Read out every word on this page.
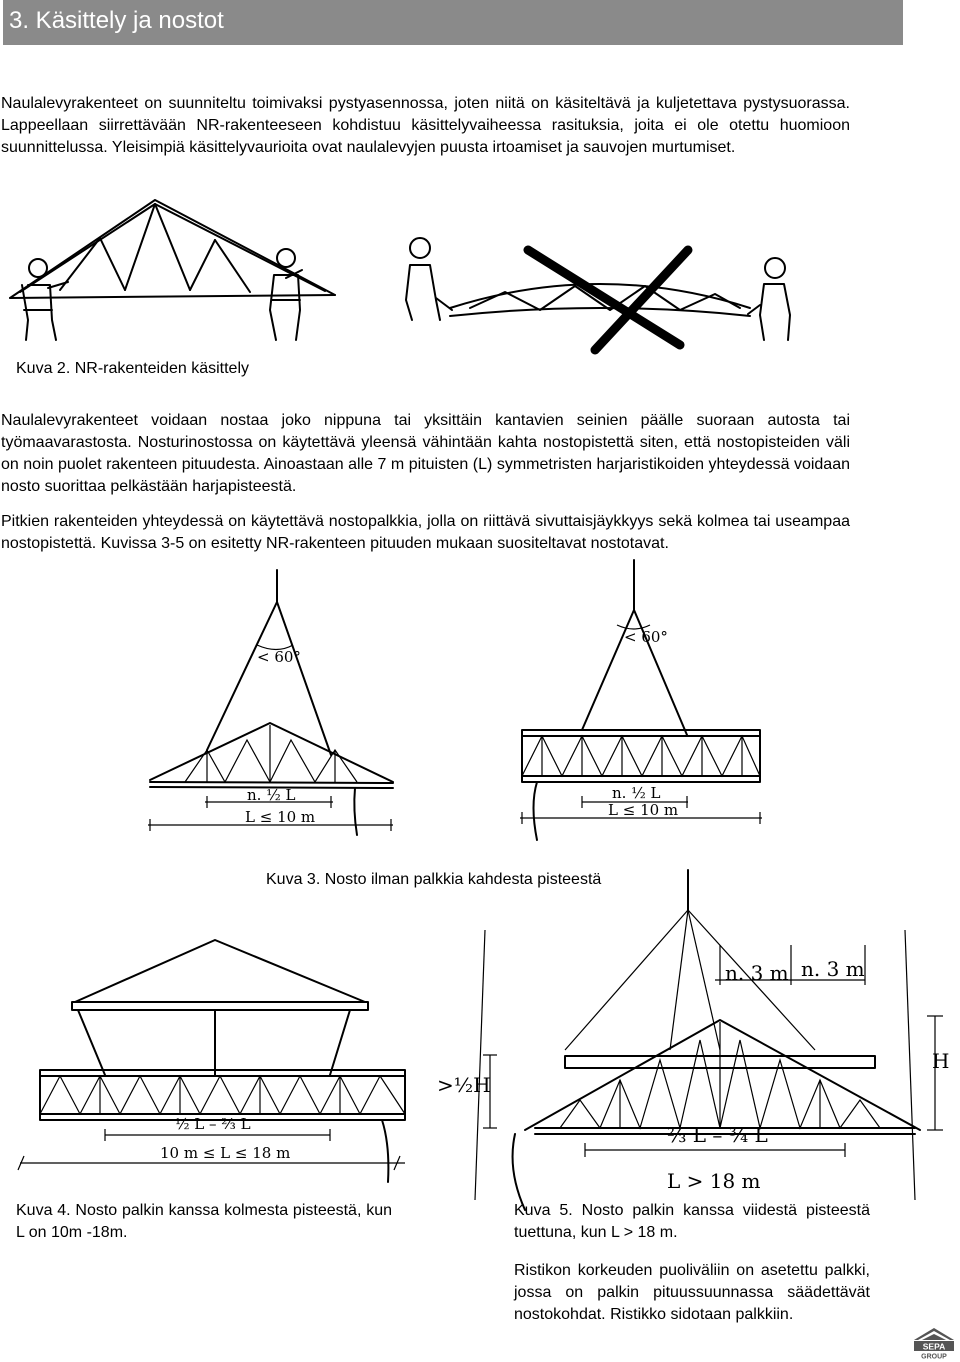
3. Käsittely ja nostot

Naulalevyrakenteet on suunniteltu toimivaksi pystyasennossa, joten niitä on käsiteltävä ja kuljetettava pystysuorassa. Lappeellaan siirrettävään NR-rakenteeseen kohdistuu käsittelyvaiheessa rasituksia, joita ei ole otettu huomioon suunnittelussa. Yleisimpiä käsittelyvaurioita ovat naulalevyjen puusta irtoamiset ja sauvojen murtumiset.

Kuva 2. NR-rakenteiden käsittely

Naulalevyrakenteet voidaan nostaa joko nippuna tai yksittäin kantavien seinien päälle suoraan autosta tai työmaavarastosta. Nosturinostossa on käytettävä yleensä vähintään kahta nostopistettä siten, että nostopisteiden väli on noin puolet rakenteen pituudesta. Ainoastaan alle 7 m pituisten (L) symmetristen harjaristikoiden yhteydessä voidaan nosto suorittaa pelkästään harjapisteestä.

Pitkien rakenteiden yhteydessä on käytettävä nostopalkkia, jolla on riittävä sivuttaisjäykkyys sekä kolmea tai useampaa nostopistettä. Kuvissa 3-5 on esitetty NR-rakenteen pituuden mukaan suositeltavat nostotavat.

< 60°
n. ½ L
L ≤ 10 m
< 60°
n. ½ L
L ≤ 10 m

Kuva 3. Nosto ilman palkkia kahdesta pisteestä

½ L – ⅔ L
10 m ≤ L ≤ 18 m
n. 3 m n. 3 m
H
>½H
⅔ L – ¾ L
L > 18 m

Kuva 4. Nosto palkin kanssa kolmesta pisteestä, kun L on 10m -18m.

Kuva 5. Nosto palkin kanssa viidestä pisteestä tuettuna, kun L > 18 m.

Ristikon korkeuden puoliväliin on asetettu palkki, jossa on palkin pituussuunnassa säädettävät nostokohdat. Ristikko sidotaan palkkiin.

SEPA
GROUP
